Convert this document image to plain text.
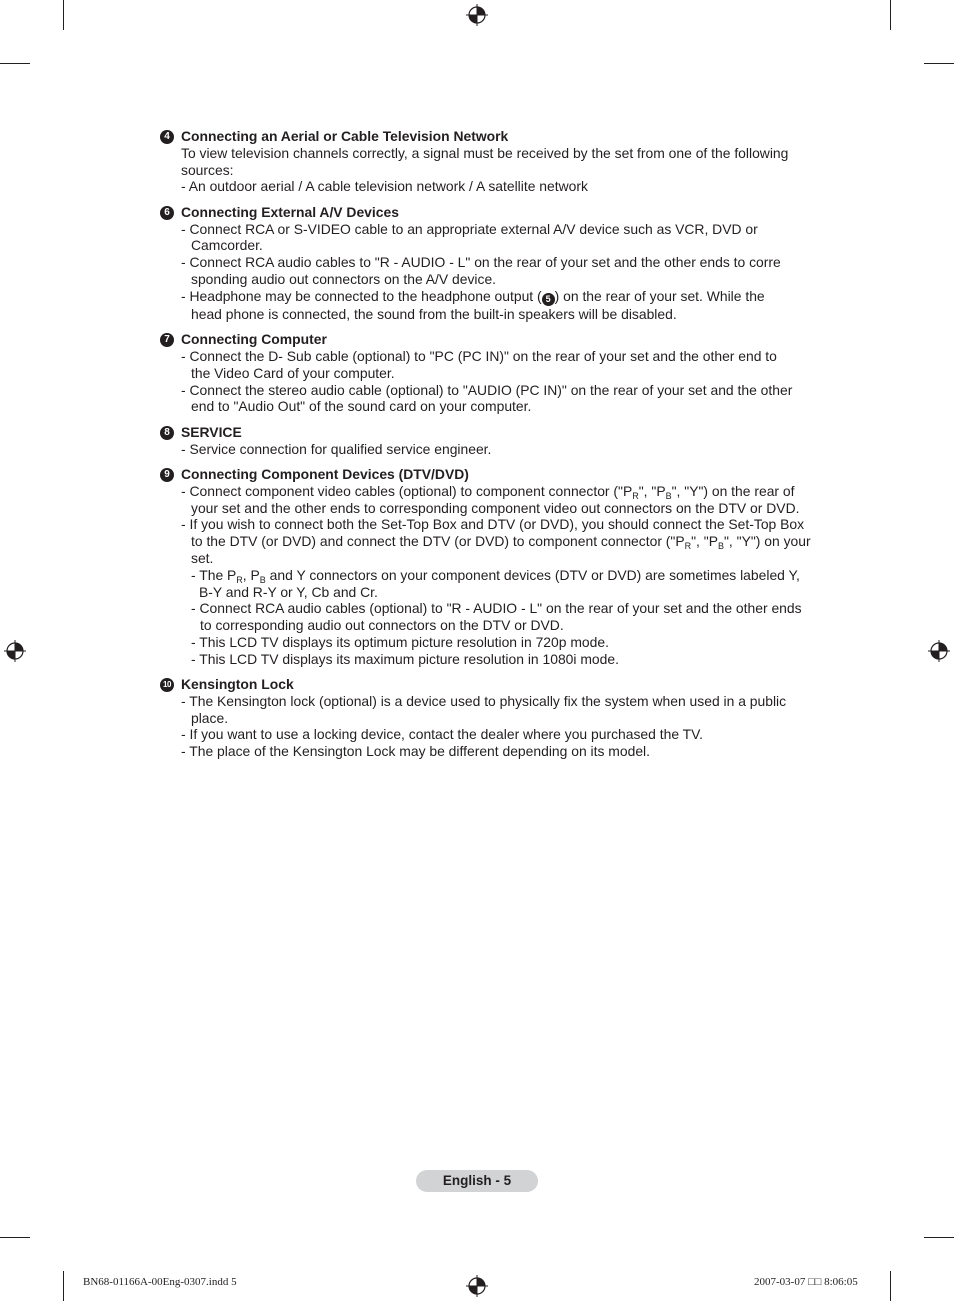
4 Connecting an Aerial or Cable Television Network
To view television channels correctly, a signal must be received by the set from one of the following
sources:
- An outdoor aerial / A cable television network / A satellite network
6 Connecting External A/V Devices
- Connect RCA or S-VIDEO cable to an appropriate external A/V device such as VCR, DVD or
Camcorder.
- Connect RCA audio cables to "R - AUDIO - L" on the rear of your set and the other ends to corre
sponding audio out connectors on the A/V device.
- Headphone may be connected to the headphone output ( 5 ) on the rear of your set. While the
head phone is connected, the sound from the built-in speakers will be disabled.
7 Connecting Computer
- Connect the D- Sub cable (optional) to "PC (PC IN)" on the rear of your set and the other end to
the Video Card of your computer.
- Connect the stereo audio cable (optional) to "AUDIO (PC IN)" on the rear of your set and the other
end to "Audio Out" of the sound card on your computer.
8 SERVICE
- Service connection for qualified service engineer.
9 Connecting Component Devices (DTV/DVD)
- Connect component video cables (optional) to component connector ("$P_R$", "$P_B$", "Y") on the rear of
your set and the other ends to corresponding component video out connectors on the DTV or DVD.
- If you wish to connect both the Set-Top Box and DTV (or DVD), you should connect the Set-Top Box
to the DTV (or DVD) and connect the DTV (or DVD) to component connector ("$P_R$", "$P_B$", "Y") on your
set.
- The $P_R$, $P_B$ and Y connectors on your component devices (DTV or DVD) are sometimes labeled Y,
B-Y and R-Y or Y, Cb and Cr.
- Connect RCA audio cables (optional) to "R - AUDIO - L" on the rear of your set and the other ends
to corresponding audio out connectors on the DTV or DVD.
- This LCD TV displays its optimum picture resolution in 720p mode.
- This LCD TV displays its maximum picture resolution in 1080i mode.
10 Kensington Lock
- The Kensington lock (optional) is a device used to physically fix the system when used in a public
place.
- If you want to use a locking device, contact the dealer where you purchased the TV.
- The place of the Kensington Lock may be different depending on its model.
English - 5
BN68-01166A-00Eng-0307.indd 5	2007-03-07 □□ 8:06:05
